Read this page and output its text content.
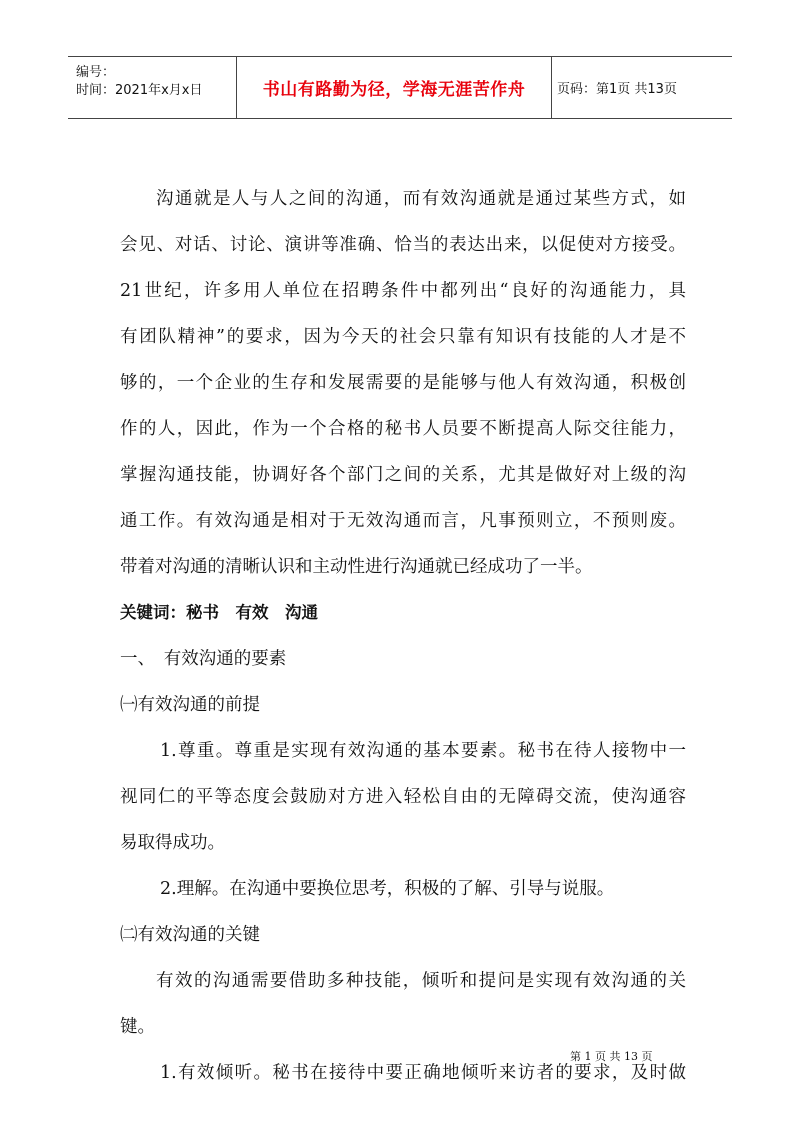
编号：
时间：2021年x月x日	书山有路勤为径，学海无涯苦作舟	页码：第1页 共13页
沟通就是人与人之间的沟通，而有效沟通就是通过某些方式，如
会见、对话、讨论、演讲等准确、恰当的表达出来，以促使对方接受。
21世纪，许多用人单位在招聘条件中都列出“良好的沟通能力，具
有团队精神”的要求，因为今天的社会只靠有知识有技能的人才是不
够的，一个企业的生存和发展需要的是能够与他人有效沟通，积极创
作的人，因此，作为一个合格的秘书人员要不断提高人际交往能力，
掌握沟通技能，协调好各个部门之间的关系，尤其是做好对上级的沟
通工作。有效沟通是相对于无效沟通而言，凡事预则立，不预则废。
带着对沟通的清晰认识和主动性进行沟通就已经成功了一半。
关键词：秘书　有效　沟通
一、　有效沟通的要素
㈠有效沟通的前提
1.尊重。尊重是实现有效沟通的基本要素。秘书在待人接物中一
视同仁的平等态度会鼓励对方进入轻松自由的无障碍交流，使沟通容
易取得成功。
2.理解。在沟通中要换位思考，积极的了解、引导与说服。
㈡有效沟通的关键
有效的沟通需要借助多种技能，倾听和提问是实现有效沟通的关
键。
1.有效倾听。秘书在接待中要正确地倾听来访者的要求，及时做
第 1 页 共 13 页
